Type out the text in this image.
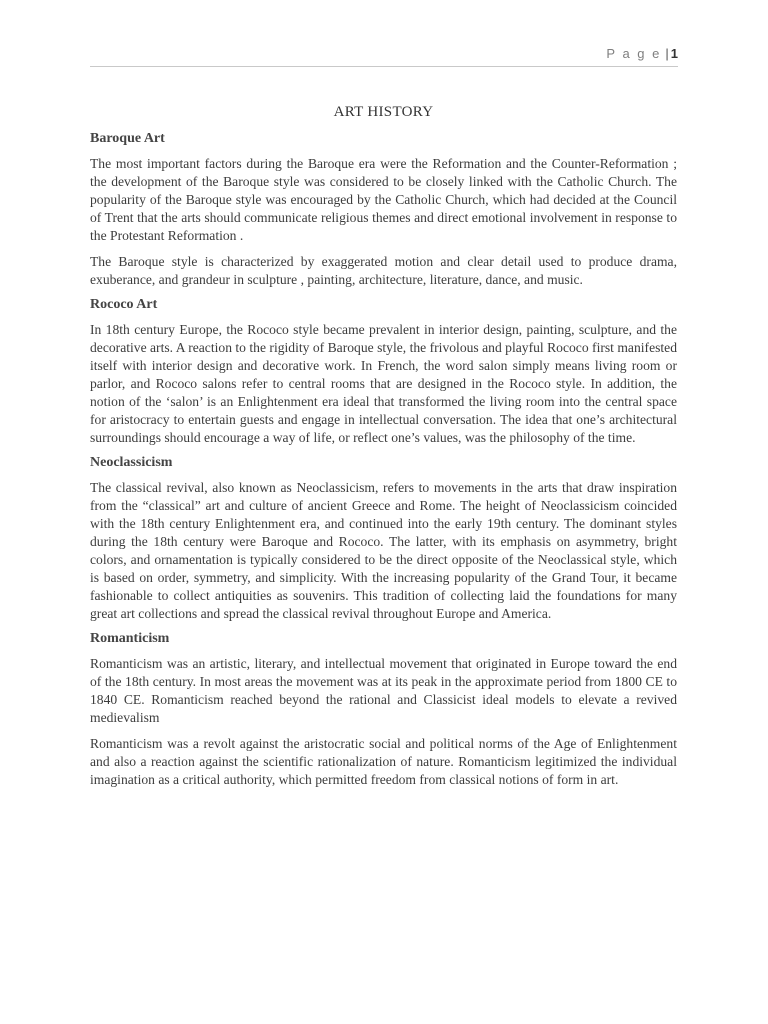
P a g e | 1
ART HISTORY
Baroque Art

The most important factors during the Baroque era were the Reformation and the Counter-Reformation ; the development of the Baroque style was considered to be closely linked with the Catholic Church. The popularity of the Baroque style was encouraged by the Catholic Church, which had decided at the Council of Trent that the arts should communicate religious themes and direct emotional involvement in response to the Protestant Reformation .

The Baroque style is characterized by exaggerated motion and clear detail used to produce drama, exuberance, and grandeur in sculpture , painting, architecture, literature, dance, and music.

Rococo Art

In 18th century Europe, the Rococo style became prevalent in interior design, painting, sculpture, and the decorative arts. A reaction to the rigidity of Baroque style, the frivolous and playful Rococo first manifested itself with interior design and decorative work. In French, the word salon simply means living room or parlor, and Rococo salons refer to central rooms that are designed in the Rococo style. In addition, the notion of the ‘salon’ is an Enlightenment era ideal that transformed the living room into the central space for aristocracy to entertain guests and engage in intellectual conversation. The idea that one’s architectural surroundings should encourage a way of life, or reflect one’s values, was the philosophy of the time.

Neoclassicism

The classical revival, also known as Neoclassicism, refers to movements in the arts that draw inspiration from the “classical” art and culture of ancient Greece and Rome. The height of Neoclassicism coincided with the 18th century Enlightenment era, and continued into the early 19th century. The dominant styles during the 18th century were Baroque and Rococo. The latter, with its emphasis on asymmetry, bright colors, and ornamentation is typically considered to be the direct opposite of the Neoclassical style, which is based on order, symmetry, and simplicity. With the increasing popularity of the Grand Tour, it became fashionable to collect antiquities as souvenirs. This tradition of collecting laid the foundations for many great art collections and spread the classical revival throughout Europe and America.

Romanticism

Romanticism was an artistic, literary, and intellectual movement that originated in Europe toward the end of the 18th century. In most areas the movement was at its peak in the approximate period from 1800 CE to 1840 CE. Romanticism reached beyond the rational and Classicist ideal models to elevate a revived medievalism

Romanticism was a revolt against the aristocratic social and political norms of the Age of Enlightenment and also a reaction against the scientific rationalization of nature. Romanticism legitimized the individual imagination as a critical authority, which permitted freedom from classical notions of form in art.
